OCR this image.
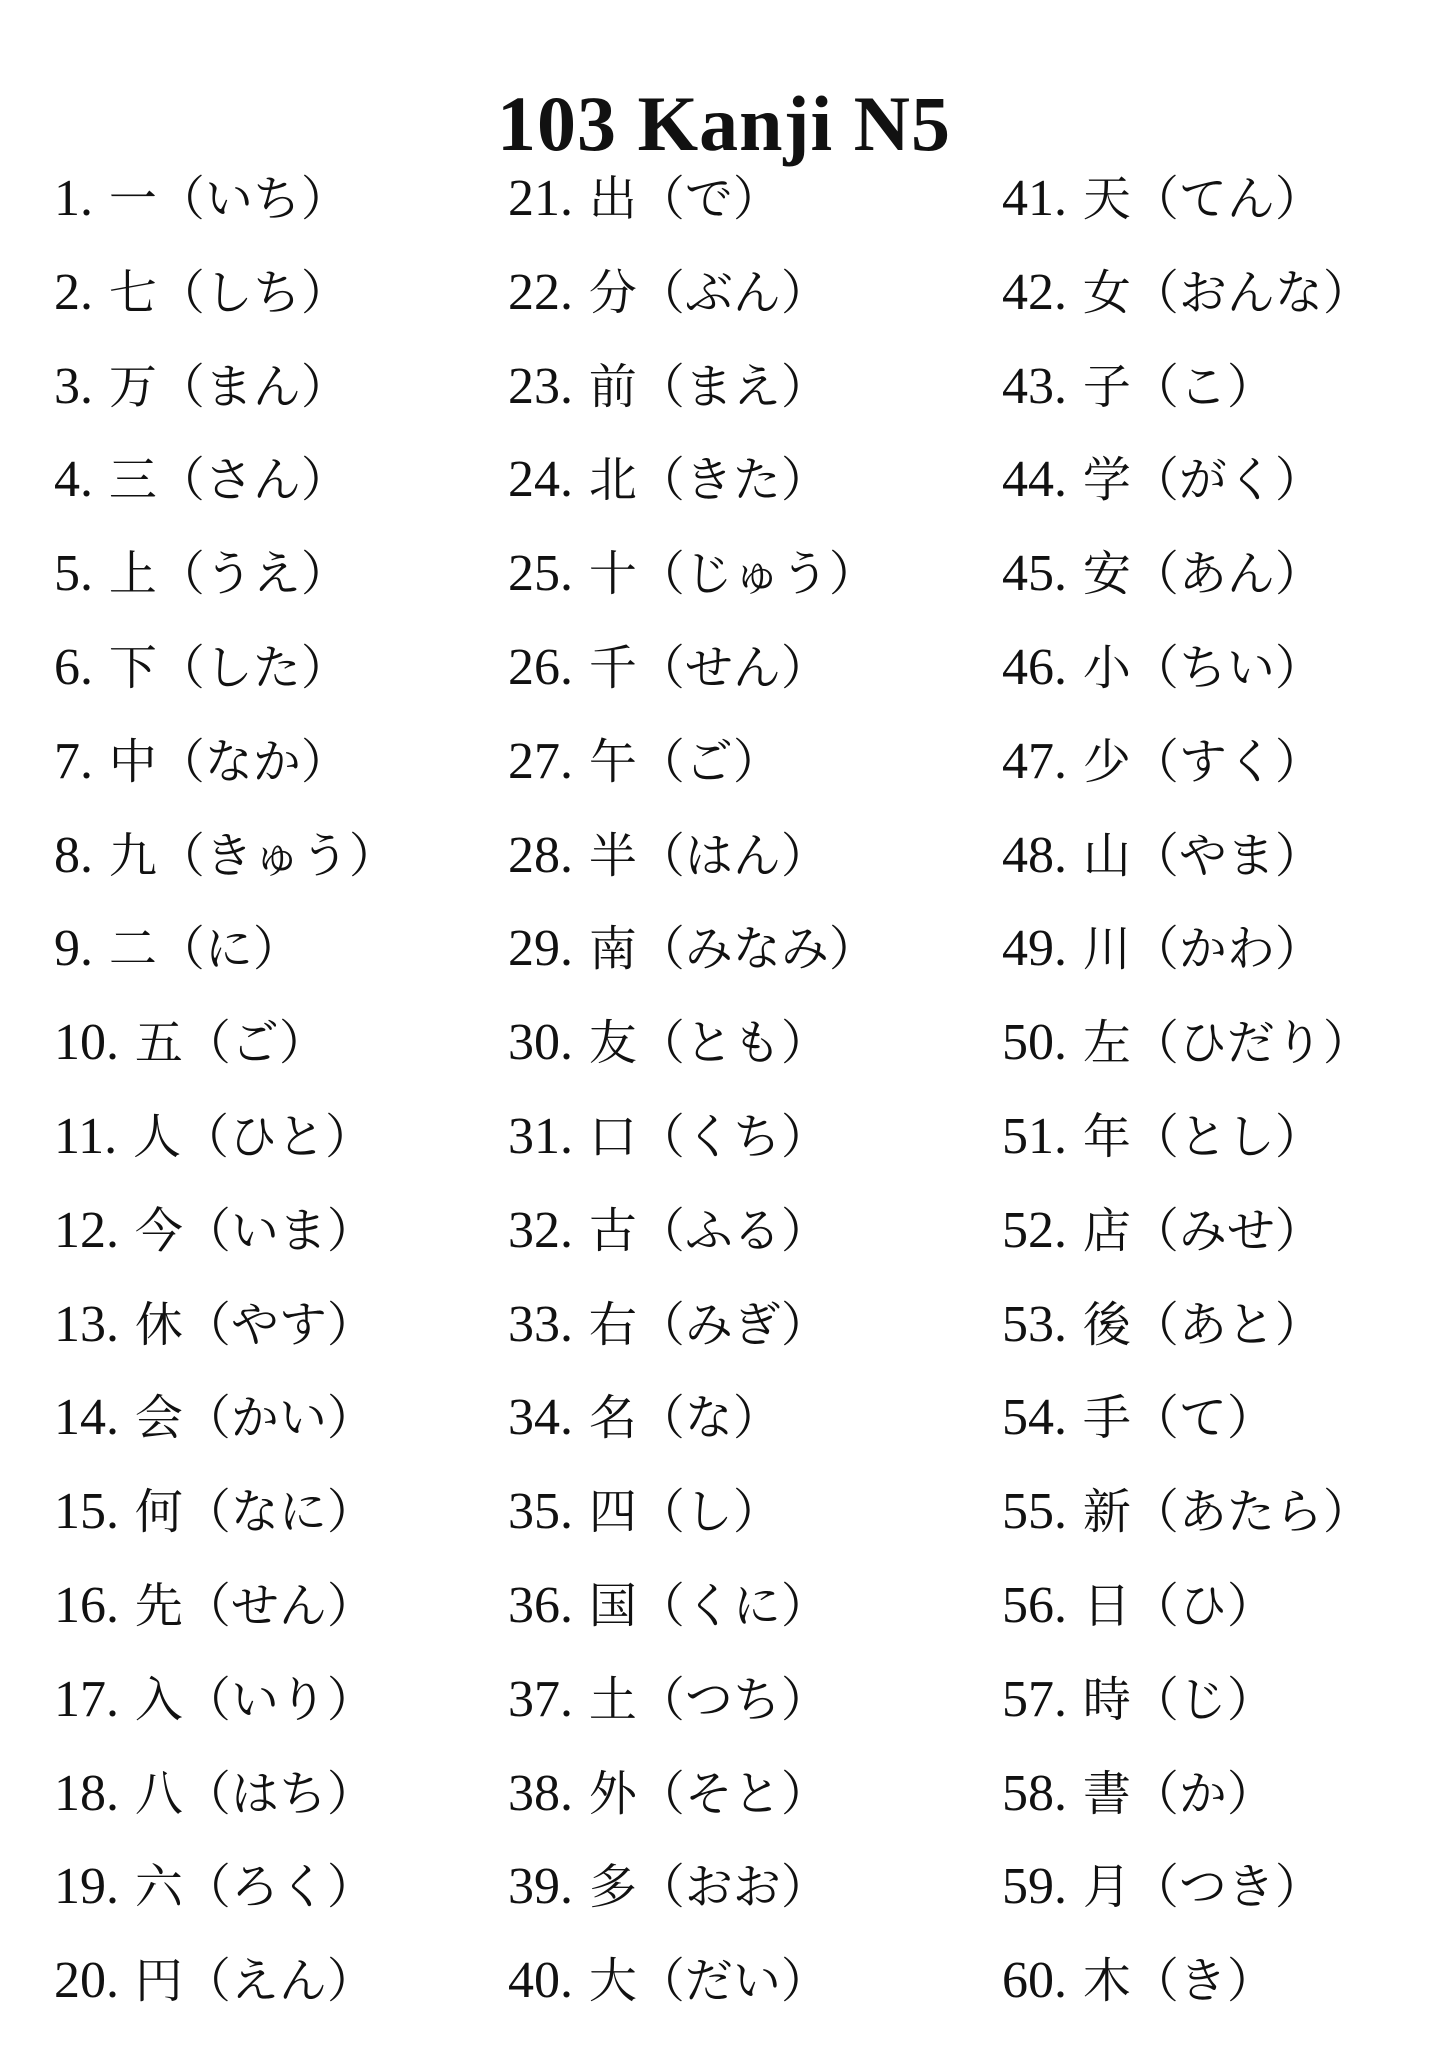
103 Kanji N5
1. 一（いち）
2. 七（しち）
3. 万（まん）
4. 三（さん）
5. 上（うえ）
6. 下（した）
7. 中（なか）
8. 九（きゅう）
9. 二（に）
10. 五（ご）
11. 人（ひと）
12. 今（いま）
13. 休（やす）
14. 会（かい）
15. 何（なに）
16. 先（せん）
17. 入（いり）
18. 八（はち）
19. 六（ろく）
20. 円（えん）
21. 出（で）
22. 分（ぶん）
23. 前（まえ）
24. 北（きた）
25. 十（じゅう）
26. 千（せん）
27. 午（ご）
28. 半（はん）
29. 南（みなみ）
30. 友（とも）
31. 口（くち）
32. 古（ふる）
33. 右（みぎ）
34. 名（な）
35. 四（し）
36. 国（くに）
37. 土（つち）
38. 外（そと）
39. 多（おお）
40. 大（だい）
41. 天（てん）
42. 女（おんな）
43. 子（こ）
44. 学（がく）
45. 安（あん）
46. 小（ちい）
47. 少（すく）
48. 山（やま）
49. 川（かわ）
50. 左（ひだり）
51. 年（とし）
52. 店（みせ）
53. 後（あと）
54. 手（て）
55. 新（あたら）
56. 日（ひ）
57. 時（じ）
58. 書（か）
59. 月（つき）
60. 木（き）
